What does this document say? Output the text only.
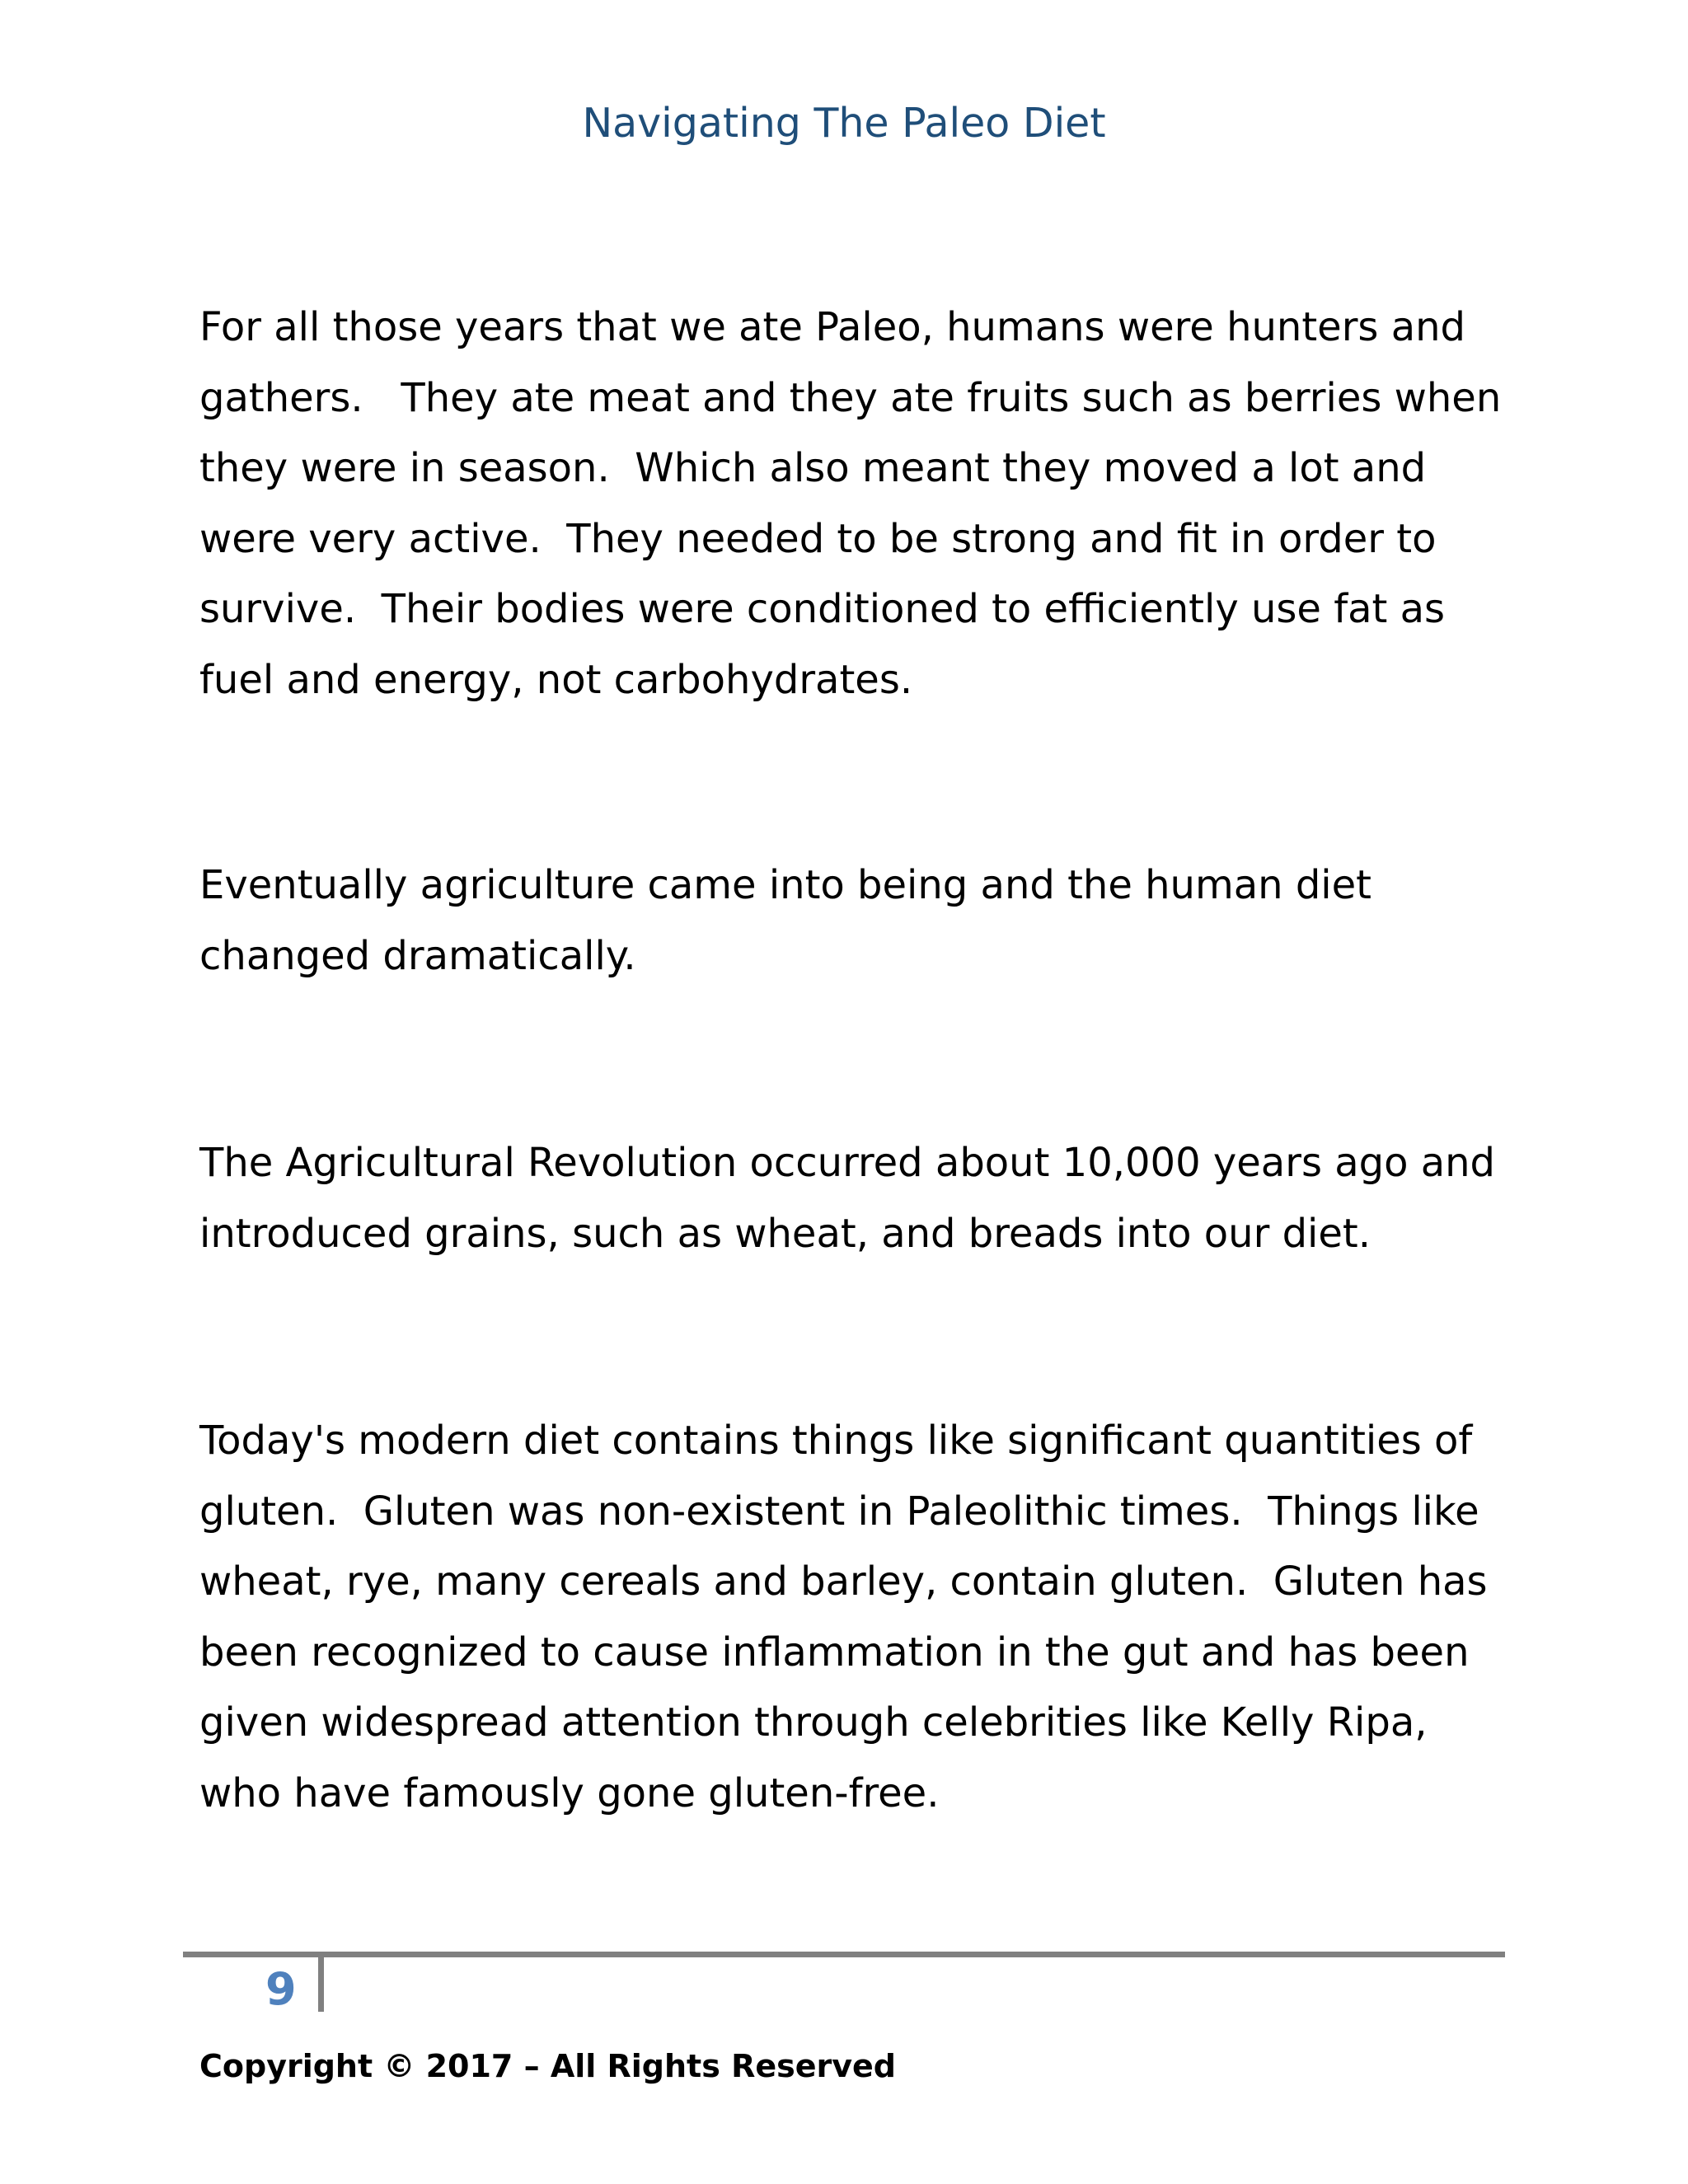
Navigating The Paleo Diet

For all those years that we ate Paleo, humans were hunters and
gathers.   They ate meat and they ate fruits such as berries when
they were in season.  Which also meant they moved a lot and
were very active.  They needed to be strong and fit in order to
survive.  Their bodies were conditioned to efficiently use fat as
fuel and energy, not carbohydrates.

Eventually agriculture came into being and the human diet
changed dramatically.

The Agricultural Revolution occurred about 10,000 years ago and
introduced grains, such as wheat, and breads into our diet.

Today's modern diet contains things like significant quantities of
gluten.  Gluten was non-existent in Paleolithic times.  Things like
wheat, rye, many cereals and barley, contain gluten.  Gluten has
been recognized to cause inflammation in the gut and has been
given widespread attention through celebrities like Kelly Ripa,
who have famously gone gluten-free.

9
Copyright © 2017 – All Rights Reserved
